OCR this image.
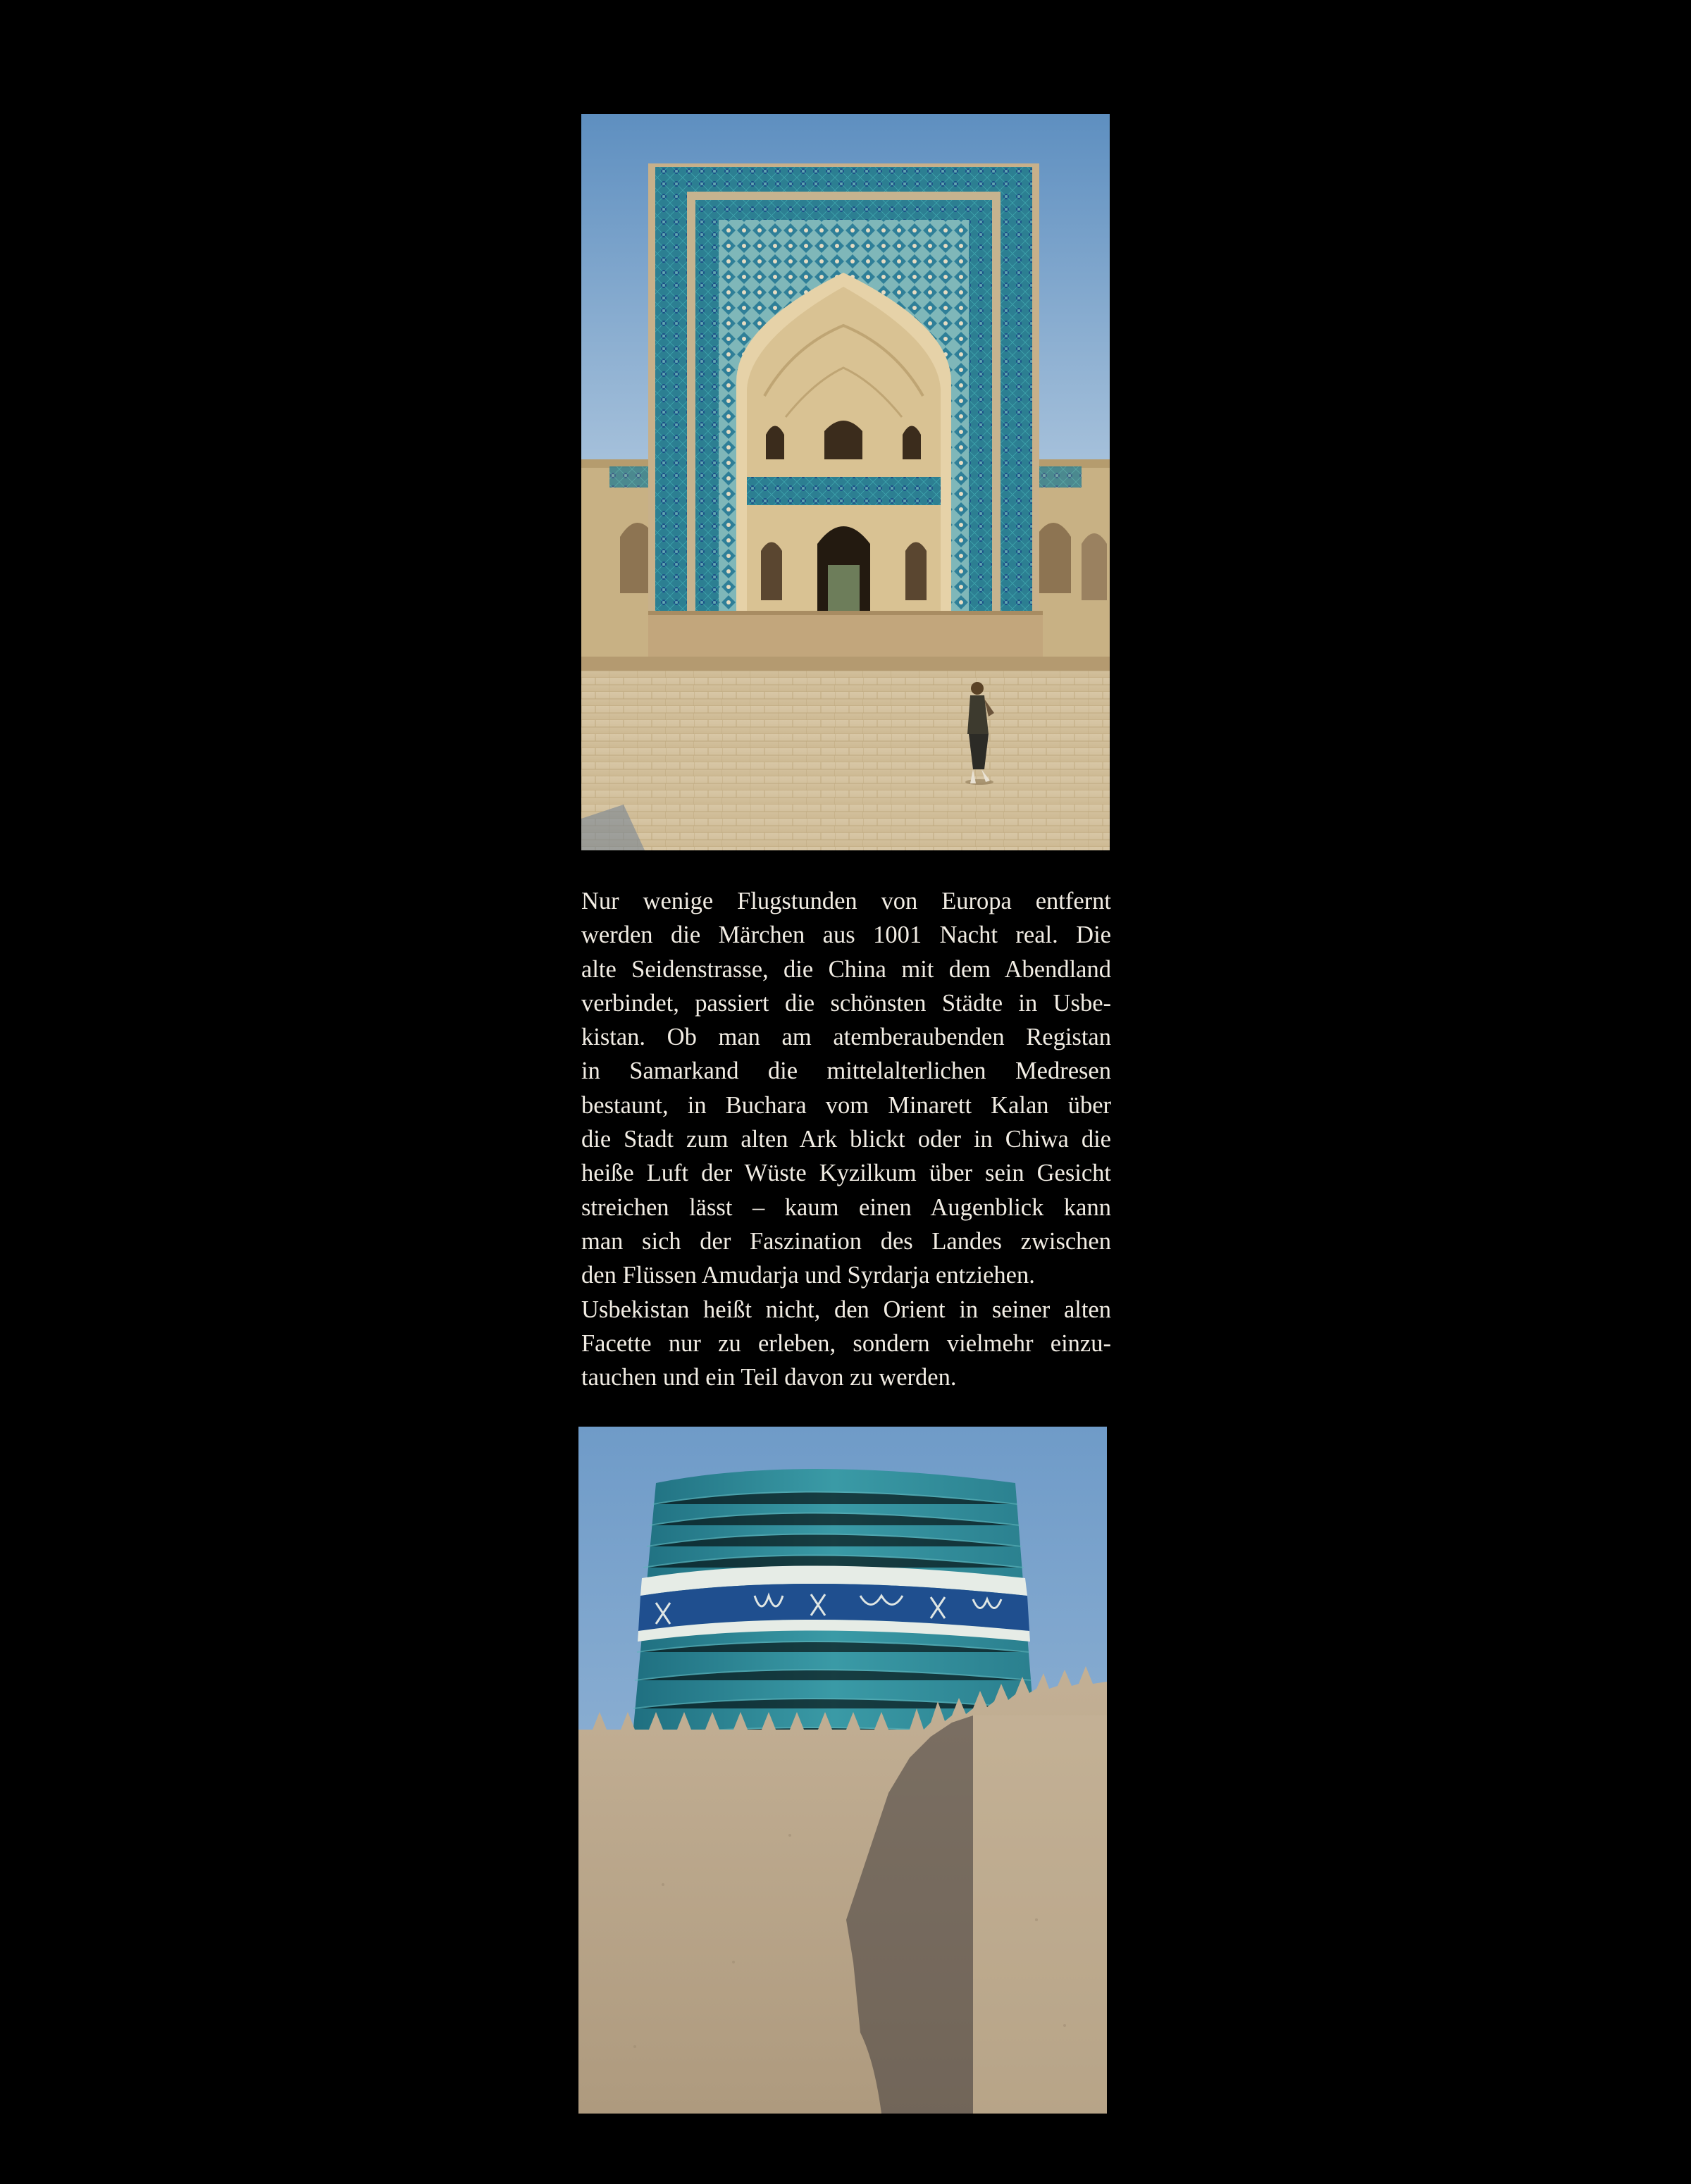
Nur wenige Flugstunden von Europa entfernt
werden die Märchen aus 1001 Nacht real. Die
alte Seidenstrasse, die China mit dem Abendland
verbindet, passiert die schönsten Städte in Usbe-
kistan. Ob man am atemberaubenden Registan
in Samarkand die mittelalterlichen Medresen
bestaunt, in Buchara vom Minarett Kalan über
die Stadt zum alten Ark blickt oder in Chiwa die
heiße Luft der Wüste Kyzilkum über sein Gesicht
streichen lässt – kaum einen Augenblick kann
man sich der Faszination des Landes zwischen
den Flüssen Amudarja und Syrdarja entziehen.
Usbekistan heißt nicht, den Orient in seiner alten
Facette nur zu erleben, sondern vielmehr einzu-
tauchen und ein Teil davon zu werden.
